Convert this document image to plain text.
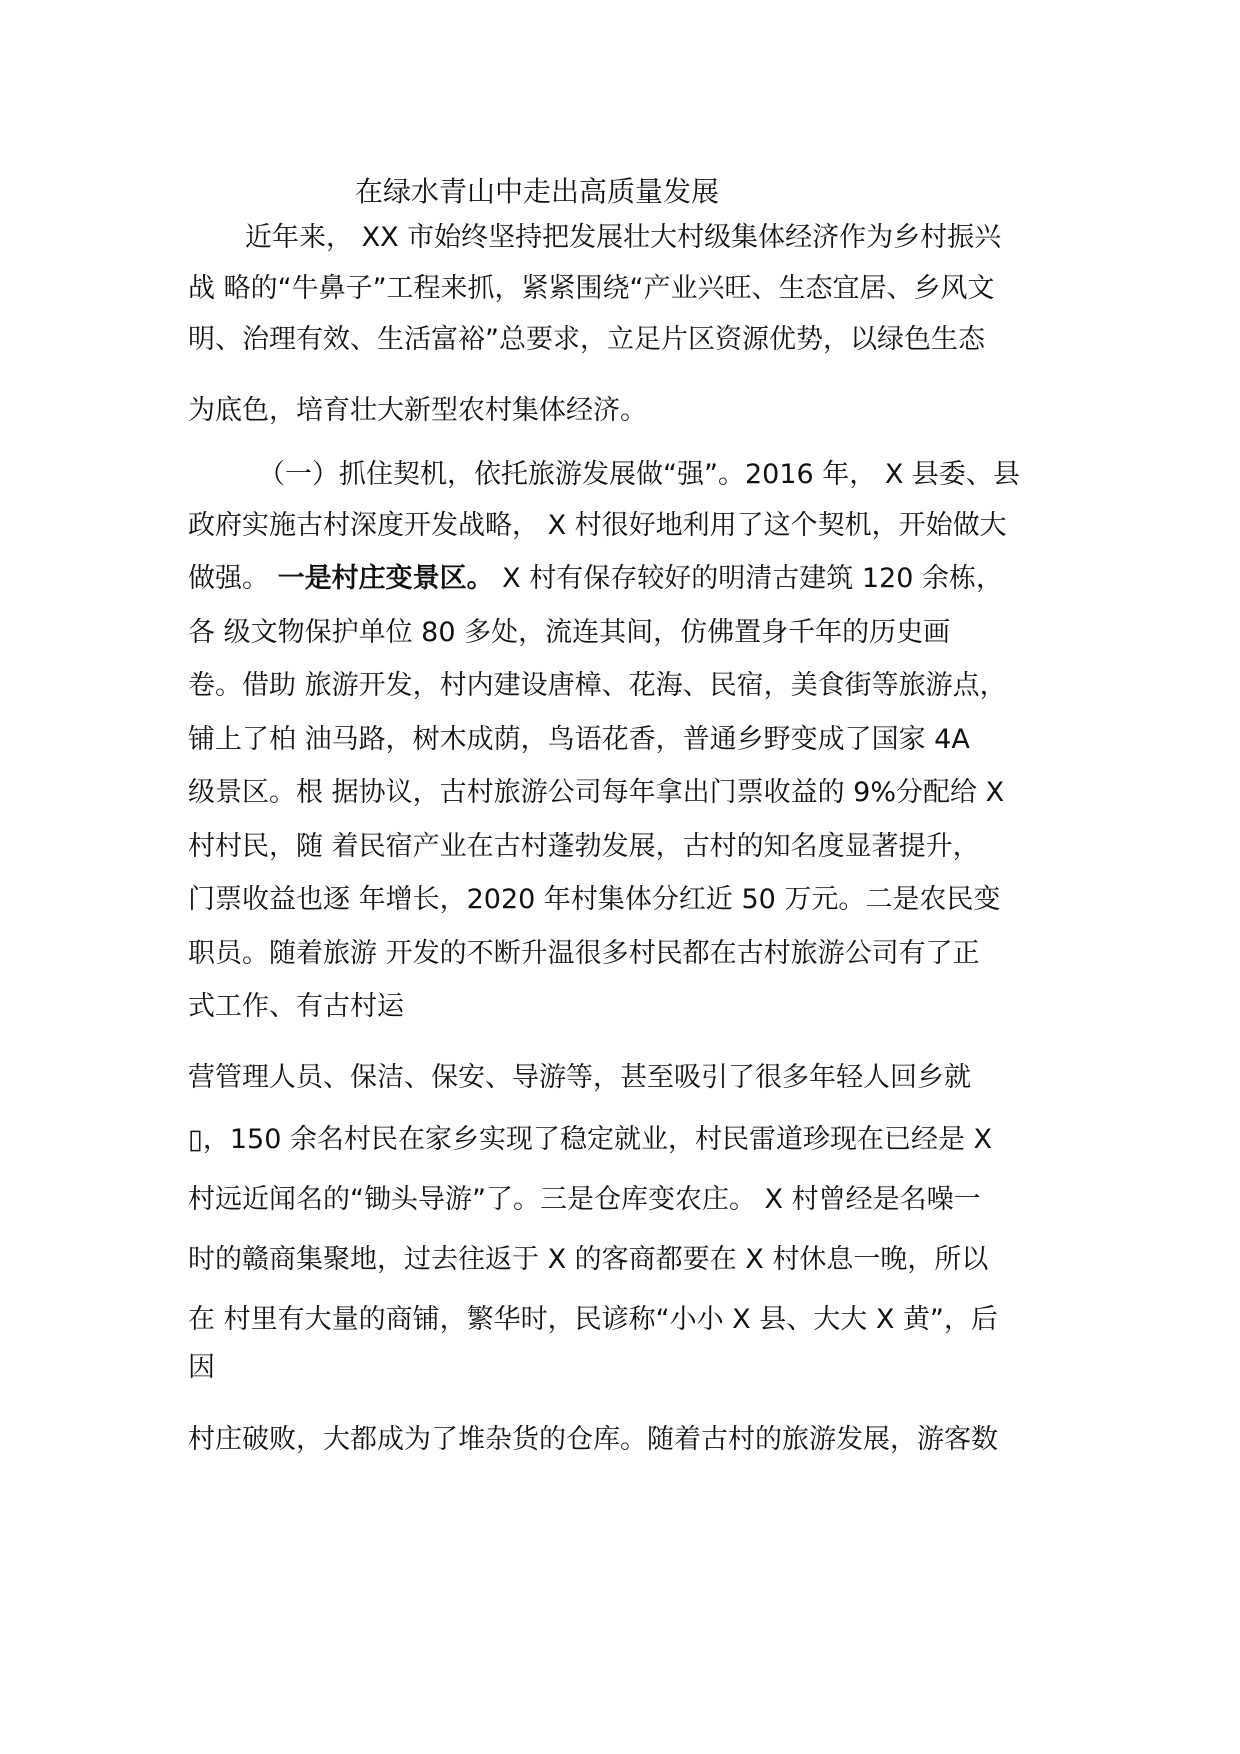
在绿水青山中走出高质量发展
近年来， XX 市始终坚持把发展壮大村级集体经济作为乡村振兴
战 略的“牛鼻子”工程来抓，紧紧围绕“产业兴旺、生态宜居、乡风文
明、治理有效、生活富裕”总要求，立足片区资源优势，以绿色生态
为底色，培育壮大新型农村集体经济。
（一）抓住契机，依托旅游发展做“强”。2016 年， X 县委、县
政府实施古村深度开发战略， X 村很好地利用了这个契机，开始做大
做强。 一是村庄变景区。 X 村有保存较好的明清古建筑 120 余栋，
各 级文物保护单位 80 多处，流连其间，仿佛置身千年的历史画
卷。借助 旅游开发，村内建设唐樟、花海、民宿，美食街等旅游点，
铺上了柏 油马路，树木成荫，鸟语花香，普通乡野变成了国家 4A
级景区。根 据协议，古村旅游公司每年拿出门票收益的 9%分配给 X
村村民，随 着民宿产业在古村蓬勃发展，古村的知名度显著提升，
门票收益也逐 年增长，2020 年村集体分红近 50 万元。二是农民变
职员。随着旅游 开发的不断升温很多村民都在古村旅游公司有了正
式工作、有古村运
营管理人员、保洁、保安、导游等，甚至吸引了很多年轻人回乡就
▯，150 余名村民在家乡实现了稳定就业，村民雷道珍现在已经是 X
村远近闻名的“锄头导游”了。三是仓库变农庄。 X 村曾经是名噪一
时的赣商集聚地，过去往返于 X 的客商都要在 X 村休息一晚，所以
在 村里有大量的商铺，繁华时，民谚称“小小 X 县、大大 X 黄”，后
因
村庄破败，大都成为了堆杂货的仓库。随着古村的旅游发展，游客数
